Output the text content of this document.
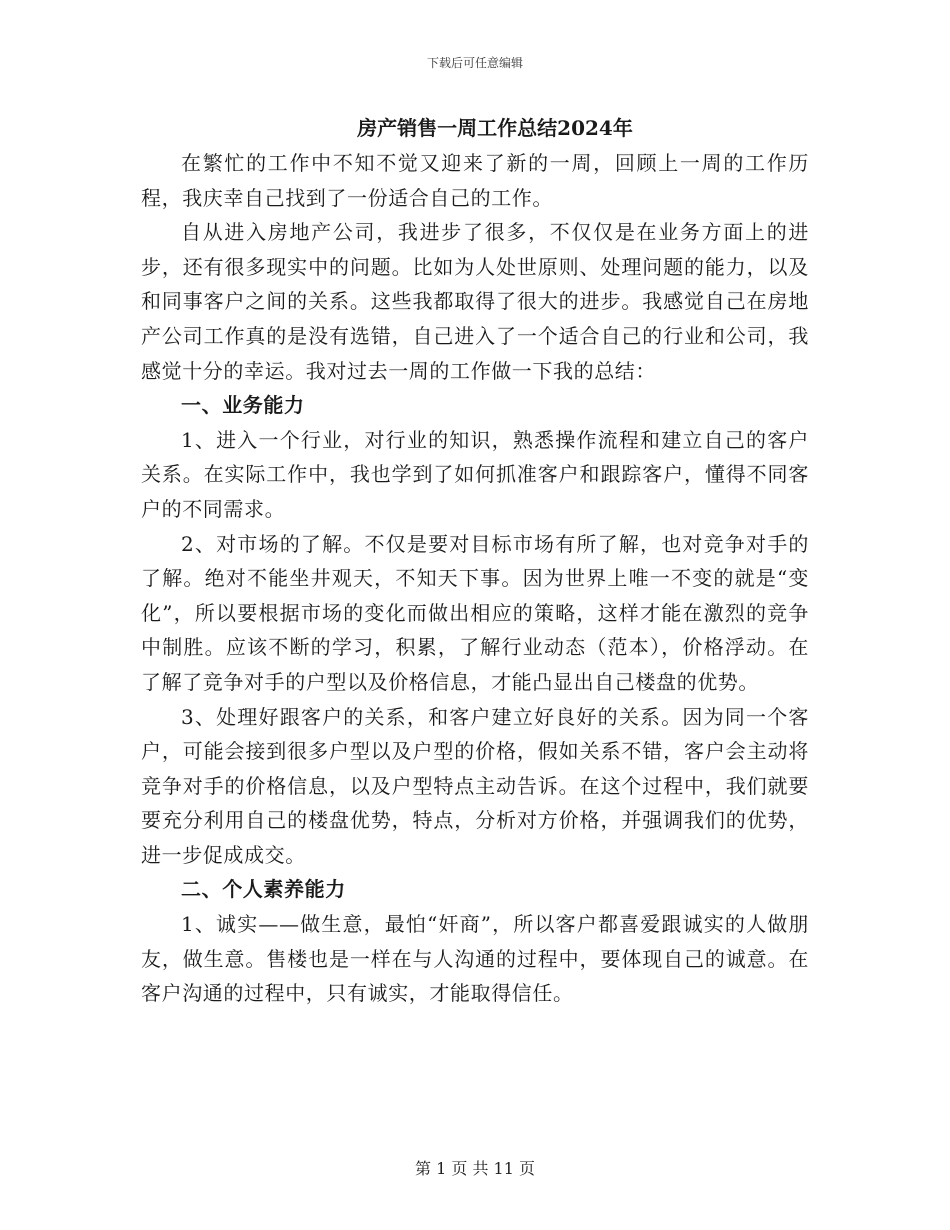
下载后可任意编辑
房产销售一周工作总结2024年

在繁忙的工作中不知不觉又迎来了新的一周，回顾上一周的工作历程，我庆幸自己找到了一份适合自己的工作。

自从进入房地产公司，我进步了很多，不仅仅是在业务方面上的进步，还有很多现实中的问题。比如为人处世原则、处理问题的能力，以及和同事客户之间的关系。这些我都取得了很大的进步。我感觉自己在房地产公司工作真的是没有选错，自己进入了一个适合自己的行业和公司，我感觉十分的幸运。我对过去一周的工作做一下我的总结：

一、业务能力

1、进入一个行业，对行业的知识，熟悉操作流程和建立自己的客户关系。在实际工作中，我也学到了如何抓准客户和跟踪客户，懂得不同客户的不同需求。

2、对市场的了解。不仅是要对目标市场有所了解，也对竞争对手的了解。绝对不能坐井观天，不知天下事。因为世界上唯一不变的就是“变化”，所以要根据市场的变化而做出相应的策略，这样才能在激烈的竞争中制胜。应该不断的学习，积累，了解行业动态（范本），价格浮动。在了解了竞争对手的户型以及价格信息，才能凸显出自己楼盘的优势。

3、处理好跟客户的关系，和客户建立好良好的关系。因为同一个客户，可能会接到很多户型以及户型的价格，假如关系不错，客户会主动将竞争对手的价格信息，以及户型特点主动告诉。在这个过程中，我们就要要充分利用自己的楼盘优势，特点，分析对方价格，并强调我们的优势，进一步促成成交。

二、个人素养能力

1、诚实——做生意，最怕“奸商”，所以客户都喜爱跟诚实的人做朋友，做生意。售楼也是一样在与人沟通的过程中，要体现自己的诚意。在客户沟通的过程中，只有诚实，才能取得信任。

第 1 页 共 11 页
